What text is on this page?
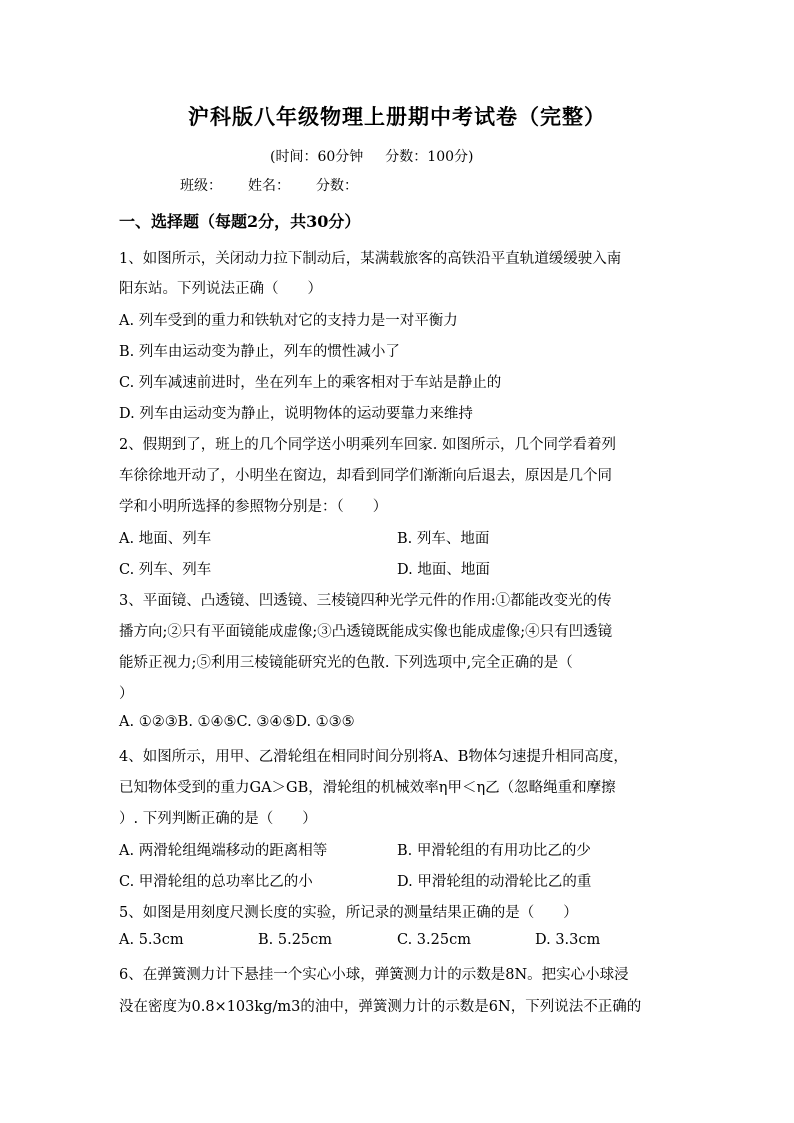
沪科版八年级物理上册期中考试卷（完整）
(时间：60分钟 分数：100分)
班级： 姓名： 分数：
一、选择题（每题2分，共30分）
1、如图所示，关闭动力拉下制动后，某满载旅客的高铁沿平直轨道缓缓驶入南
阳东站。下列说法正确（　　）
A. 列车受到的重力和铁轨对它的支持力是一对平衡力
B. 列车由运动变为静止，列车的惯性减小了
C. 列车减速前进时，坐在列车上的乘客相对于车站是静止的
D. 列车由运动变为静止，说明物体的运动要靠力来维持
2、假期到了，班上的几个同学送小明乘列车回家. 如图所示，几个同学看着列
车徐徐地开动了，小明坐在窗边，却看到同学们渐渐向后退去，原因是几个同
学和小明所选择的参照物分别是：（　　）
A. 地面、列车	B. 列车、地面
C. 列车、列车	D. 地面、地面
3、平面镜、凸透镜、凹透镜、三棱镜四种光学元件的作用:①都能改变光的传
播方向;②只有平面镜能成虚像;③凸透镜既能成实像也能成虚像;④只有凹透镜
能矫正视力;⑤利用三棱镜能研究光的色散. 下列选项中,完全正确的是（
）
A. ①②③B. ①④⑤C. ③④⑤D. ①③⑤
4、如图所示，用甲、乙滑轮组在相同时间分别将A、B物体匀速提升相同高度，
已知物体受到的重力GA＞GB，滑轮组的机械效率η甲＜η乙（忽略绳重和摩擦
）. 下列判断正确的是（　　）
A. 两滑轮组绳端移动的距离相等	B. 甲滑轮组的有用功比乙的少
C. 甲滑轮组的总功率比乙的小	D. 甲滑轮组的动滑轮比乙的重
5、如图是用刻度尺测长度的实验，所记录的测量结果正确的是（　　）
A. 5.3cm	B. 5.25cm	C. 3.25cm	D. 3.3cm
6、在弹簧测力计下悬挂一个实心小球，弹簧测力计的示数是8N。把实心小球浸
没在密度为0.8×103kg/m3的油中，弹簧测力计的示数是6N，下列说法不正确的
